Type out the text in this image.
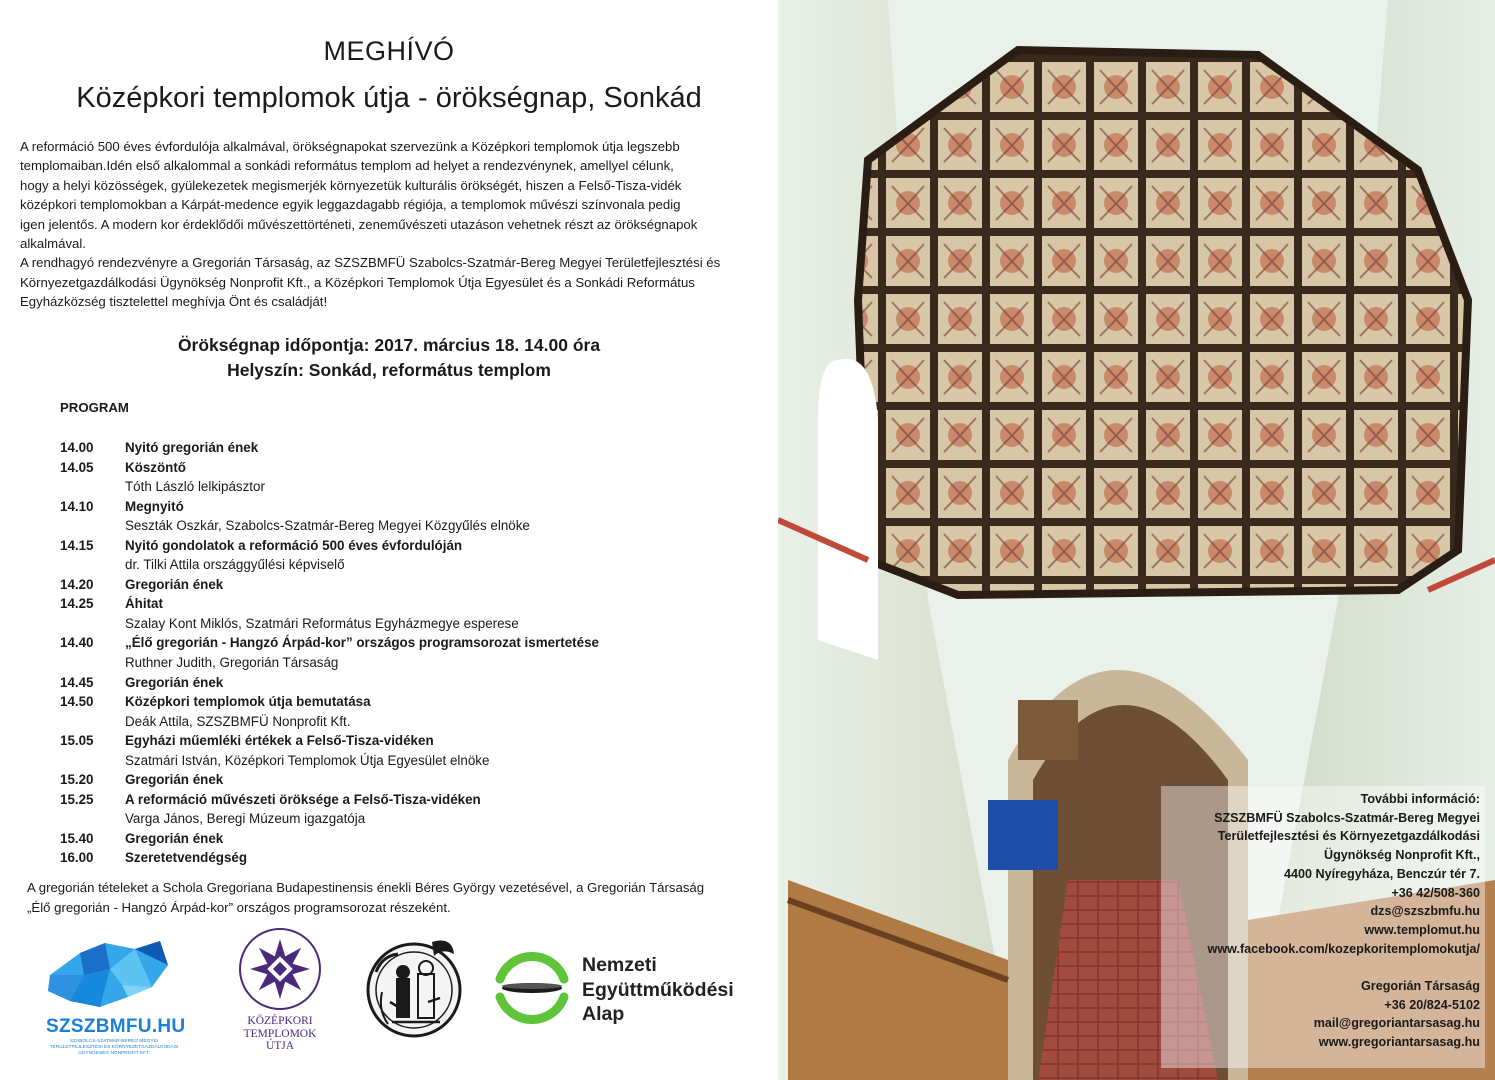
MEGHÍVÓ
Középkori templomok útja - örökségnap, Sonkád

A reformáció 500 éves évfordulója alkalmával, örökségnapokat szervezünk a Középkori templomok útja legszebb

templomaiban.Idén első alkalommal a sonkádi református templom ad helyet a rendezvénynek, amellyel célunk,

hogy a helyi közösségek, gyülekezetek megismerjék környezetük kulturális örökségét, hiszen a Felső-Tisza-vidék

középkori templomokban a Kárpát-medence egyik leggazdagabb régiója, a templomok művészi színvonala pedig

igen jelentős. A modern kor érdeklődői művészettörténeti, zeneművészeti utazáson vehetnek részt az örökségnapok

alkalmával.

A rendhagyó rendezvényre a Gregorián Társaság, az SZSZBMFÜ Szabolcs-Szatmár-Bereg Megyei Területfejlesztési és

Környezetgazdálkodási Ügynökség Nonprofit Kft., a Középkori Templomok Útja Egyesület és a Sonkádi Református

Egyházközség tisztelettel meghívja Önt és családját!

Örökségnap időpontja: 2017. március 18. 14.00 óra
Helyszín: Sonkád, református templom
PROGRAM
14.00	Nyitó gregorián ének
14.05	Köszöntő
Tóth László lelkipásztor
14.10	Megnyitó
Seszták Oszkár, Szabolcs-Szatmár-Bereg Megyei Közgyűlés elnöke
14.15	Nyitó gondolatok a reformáció 500 éves évfordulóján
dr. Tilki Attila országgyűlési képviselő
14.20	Gregorián ének
14.25	Áhitat
Szalay Kont Miklós, Szatmári Református Egyházmegye esperese
14.40	„Élő gregorián - Hangzó Árpád-kor” országos programsorozat ismertetése
Ruthner Judith, Gregorián Társaság
14.45	Gregorián ének
14.50	Középkori templomok útja bemutatása
Deák Attila, SZSZBMFÜ Nonprofit Kft.
15.05	Egyházi műemléki értékek a Felső-Tisza-vidéken
Szatmári István, Középkori Templomok Útja Egyesület elnöke
15.20	Gregorián ének
15.25	A reformáció művészeti öröksége a Felső-Tisza-vidéken
Varga János, Beregi Múzeum igazgatója
15.40	Gregorián ének
16.00	Szeretetvendégség
A gregorián tételeket a Schola Gregoriana Budapestinensis énekli Béres György vezetésével, a Gregorián Társaság
„Élő gregorián - Hangzó Árpád-kor” országos programsorozat részeként.
SZSZBMFU.HU
SZABOLCS-SZATMÁR-BEREG MEGYEI TERÜLETFEJLESZTÉSI ÉS KÖRNYEZETGAZDÁLKODÁSI ÜGYNÖKSÉG NONPROFIT KFT.
KÖZÉPKORI
TEMPLOMOK
ÚTJA
Nemzeti
Együttműködési
Alap
További információ:
SZSZBMFÜ Szabolcs-Szatmár-Bereg Megyei
Területfejlesztési és Környezetgazdálkodási
Ügynökség Nonprofit Kft.,
4400 Nyíregyháza, Benczúr tér 7.
+36 42/508-360
dzs@szszbmfu.hu
www.templomut.hu
www.facebook.com/kozepkoritemplomokutja/
Gregorián Társaság
+36 20/824-5102
mail@gregoriantarsasag.hu
www.gregoriantarsasag.hu
